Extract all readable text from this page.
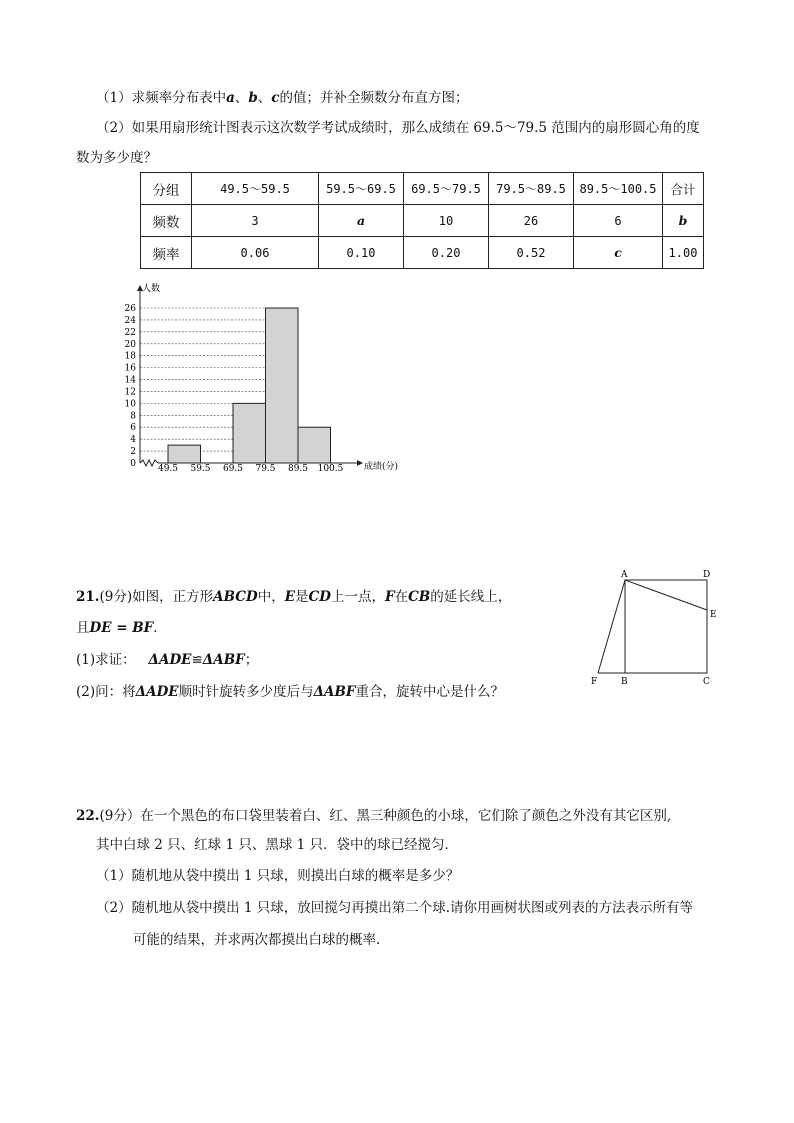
（1）求频率分布表中a、b、c的值；并补全频数分布直方图；
（2）如果用扇形统计图表示这次数学考试成绩时，那么成绩在 69.5～79.5 范围内的扇形圆心角的度
数为多少度？
分组	49.5～59.5	59.5～69.5	69.5～79.5	79.5～89.5	89.5～100.5	合计
频数	3	a	10	26	6	b
频率	0.06	0.10	0.20	0.52	c	1.00
人数
成绩(分)
0
2
4
6
8
10
12
14
16
18
20
22
24
26
49.5 59.5 69.5 79.5 89.5 100.5
21.(9分)如图，正方形ABCD中，E是CD上一点，F在CB的延长线上，
且DE = BF．
(1)求证： ΔADE≌ΔABF；
(2)问：将ΔADE顺时针旋转多少度后与ΔABF重合，旋转中心是什么？
A	D
E
F	B	C
22.(9分）在一个黑色的布口袋里装着白、红、黑三种颜色的小球，它们除了颜色之外没有其它区别,
其中白球 2 只、红球 1 只、黑球 1 只．袋中的球已经搅匀．
（1）随机地从袋中摸出 1 只球，则摸出白球的概率是多少？
（2）随机地从袋中摸出 1 只球，放回搅匀再摸出第二个球.请你用画树状图或列表的方法表示所有等
可能的结果，并求两次都摸出白球的概率.
